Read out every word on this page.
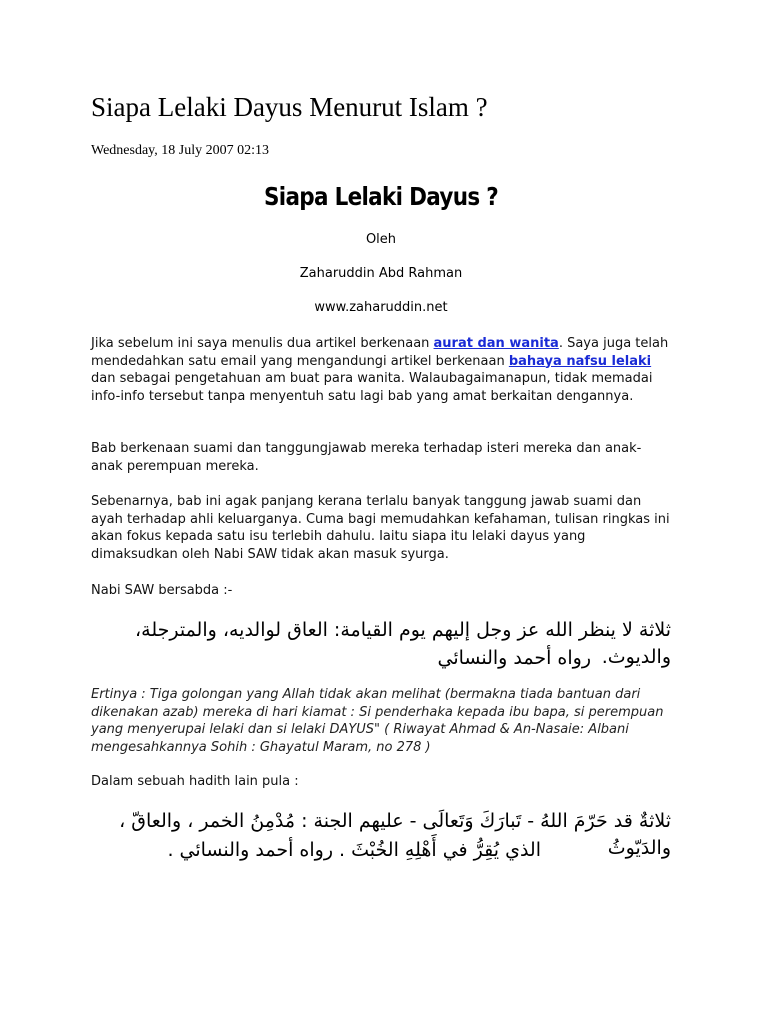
Siapa Lelaki Dayus Menurut Islam ?
Wednesday, 18 July 2007 02:13
Siapa Lelaki Dayus ?
Oleh
Zaharuddin Abd Rahman
www.zaharuddin.net

Jika sebelum ini saya menulis dua artikel berkenaan aurat dan wanita. Saya juga telah mendedahkan satu email yang mengandungi artikel berkenaan bahaya nafsu lelaki dan sebagai pengetahuan am buat para wanita. Walaubagaimanapun, tidak memadai info-info tersebut tanpa menyentuh satu lagi bab yang amat berkaitan dengannya.

Bab berkenaan suami dan tanggungjawab mereka terhadap isteri mereka dan anak-anak perempuan mereka.

Sebenarnya, bab ini agak panjang kerana terlalu banyak tanggung jawab suami dan ayah terhadap ahli keluarganya. Cuma bagi memudahkan kefahaman, tulisan ringkas ini akan fokus kepada satu isu terlebih dahulu. Iaitu siapa itu lelaki dayus yang dimaksudkan oleh Nabi SAW tidak akan masuk syurga.

Nabi SAW bersabda :-

ثلاثة لا ينظر الله عز وجل إليهم يوم القيامة: العاق لوالديه، والمترجلة، والديوث.
رواه أحمد والنسائي

Ertinya : Tiga golongan yang Allah tidak akan melihat (bermakna tiada bantuan dari dikenakan azab) mereka di hari kiamat : Si penderhaka kepada ibu bapa, si perempuan yang menyerupai lelaki dan si lelaki DAYUS" ( Riwayat Ahmad & An-Nasaie: Albani mengesahkannya Sohih : Ghayatul Maram, no 278 )

Dalam sebuah hadith lain pula :

ثلاثةٌ قد حَرّمَ اللهُ - تَبارَكَ وَتَعالَى - عليهم الجنة : مُدْمِنُ الخمر ، والعاقّ ، والدَيّوثُ
الذي يُقِرُّ في أَهْلِهِ الخُبْثَ . رواه أحمد والنسائي .
